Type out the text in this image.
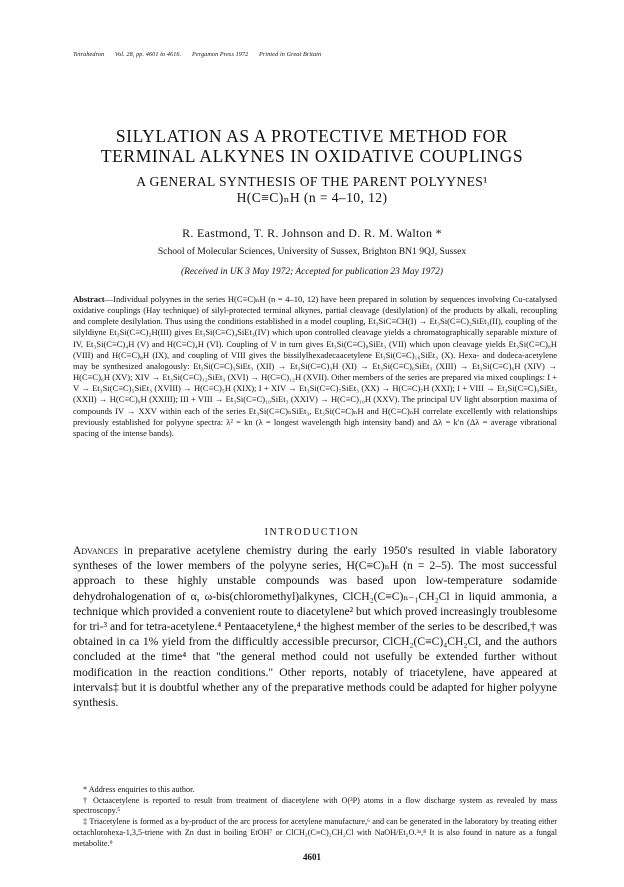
Tetrahedron Vol. 28, pp. 4601 to 4616. Pergamon Press 1972 Printed in Great Britain
SILYLATION AS A PROTECTIVE METHOD FOR
TERMINAL ALKYNES IN OXIDATIVE COUPLINGS
A GENERAL SYNTHESIS OF THE PARENT POLYYNES¹
H(C≡C)ₙH (n = 4–10, 12)
R. Eastmond, T. R. Johnson and D. R. M. Walton *
School of Molecular Sciences, University of Sussex, Brighton BN1 9QJ, Sussex
(Received in UK 3 May 1972; Accepted for publication 23 May 1972)
Abstract—Individual polyynes in the series H(C≡C)ₙH (n = 4–10, 12) have been prepared in solution by sequences involving Cu-catalysed oxidative couplings (Hay technique) of silyl-protected terminal alkynes, partial cleavage (desilylation) of the products by alkali, recoupling and complete desilylation. Thus using the conditions established in a model coupling, Et₃SiC≡CH(I) → Et₃Si(C≡C)₂SiEt₃(II), coupling of the silyldiyne Et₃Si(C≡C)₂H(III) gives Et₃Si(C≡C)₄SiEt₃(IV) which upon controlled cleavage yields a chromatographically separable mixture of IV, Et₃Si(C≡C)₄H (V) and H(C≡C)₄H (VI). Coupling of V in turn gives Et₃Si(C≡C)₈SiEt₃ (VII) which upon cleavage yields Et₃Si(C≡C)₈H (VIII) and H(C≡C)₈H (IX), and coupling of VIII gives the bissilylhexadecaacetylene Et₃Si(C≡C)₁₆SiEt₃ (X). Hexa- and dodeca-acetylene may be synthesized analogously: Et₃Si(C≡C)₃SiEt₃ (XII) → Et₃Si(C≡C)₃H (XI) → Et₃Si(C≡C)₆SiEt₃ (XIII) → Et₃Si(C≡C)₆H (XIV) → H(C≡C)₆H (XV); XIV → Et₃Si(C≡C)₁₂SiEt₃ (XVI) → H(C≡C)₁₂H (XVII). Other members of the series are prepared via mixed couplings: I + V → Et₃Si(C≡C)₅SiEt₃ (XVIII) → H(C≡C)₅H (XIX); I + XIV → Et₃Si(C≡C)₇SiEt₃ (XX) → H(C≡C)₇H (XXI); I + VIII → Et₃Si(C≡C)₉SiEt₃ (XXII) → H(C≡C)₉H (XXIII); III + VIII → Et₃Si(C≡C)₁₀SiEt₃ (XXIV) → H(C≡C)₁₀H (XXV). The principal UV light absorption maxima of compounds IV → XXV within each of the series Et₃Si(C≡C)ₙSiEt₃, Et₃Si(C≡C)ₙH and H(C≡C)ₙH correlate excellently with relationships previously established for polyyne spectra: λ² = kn (λ = longest wavelength high intensity band) and Δλ = k′n (Δλ = average vibrational spacing of the intense bands).
INTRODUCTION
Advances in preparative acetylene chemistry during the early 1950's resulted in viable laboratory syntheses of the lower members of the polyyne series, H(C≡C)ₙH (n = 2–5). The most successful approach to these highly unstable compounds was based upon low-temperature sodamide dehydrohalogenation of α, ω-bis(chloromethyl)alkynes, ClCH₂(C≡C)ₙ₋₁CH₂Cl in liquid ammonia, a technique which provided a convenient route to diacetylene² but which proved increasingly troublesome for tri-³ and for tetra-acetylene.⁴ Pentaacetylene,⁴ the highest member of the series to be described,† was obtained in ca 1% yield from the difficultly accessible precursor, ClCH₂(C≡C)₄CH₂Cl, and the authors concluded at the time⁴ that "the general method could not usefully be extended further without modification in the reaction conditions." Other reports, notably of triacetylene, have appeared at intervals‡ but it is doubtful whether any of the preparative methods could be adapted for higher polyyne synthesis.

* Address enquiries to this author.

† Octaacetylene is reported to result from treatment of diacetylene with O(³P) atoms in a flow discharge system as revealed by mass spectroscopy.⁵

‡ Triacetylene is formed as a by-product of the arc process for acetylene manufacture,⁶ and can be generated in the laboratory by treating either octachlorohexa-1,3,5-triene with Zn dust in boiling EtOH⁷ or ClCH₂(C≡C)₂CH₂Cl with NaOH/Et₂O.³ᵃ,⁸ It is also found in nature as a fungal metabolite.⁹

4601
